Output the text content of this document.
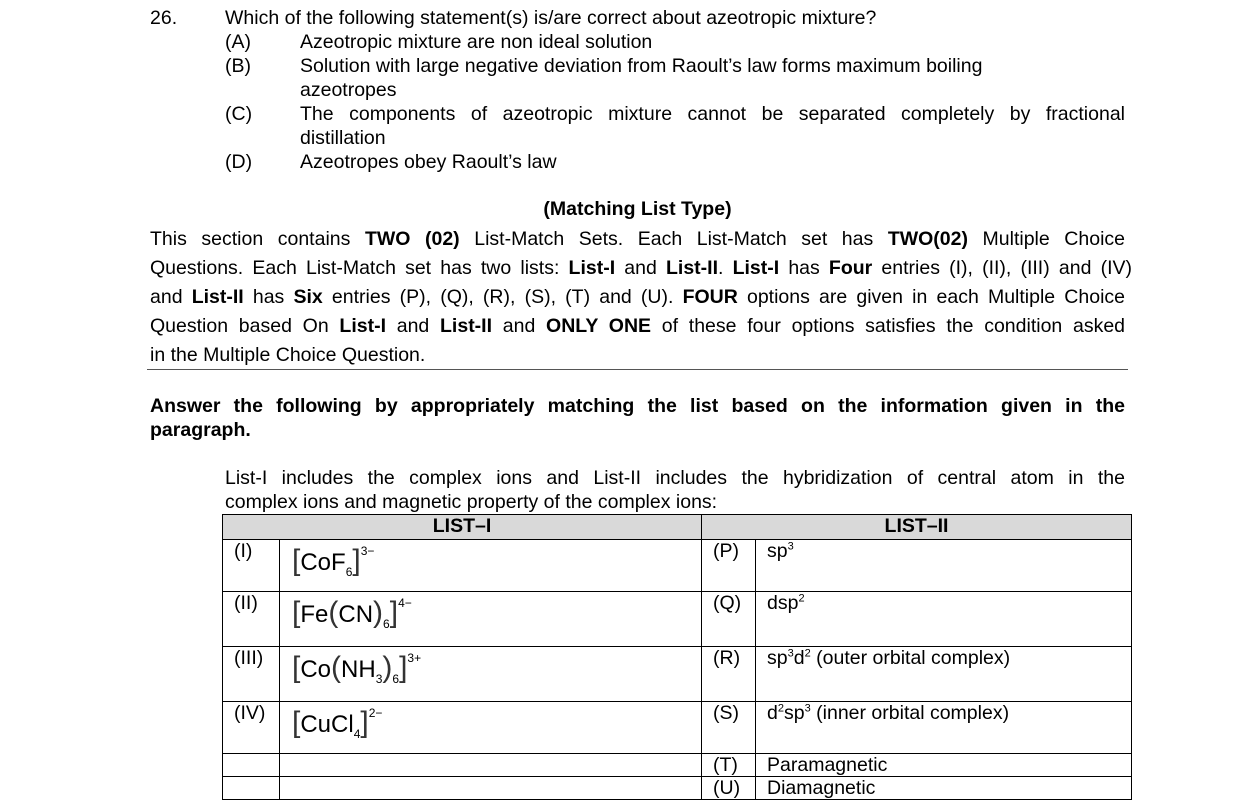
26. Which of the following statement(s) is/are correct about azeotropic mixture?
(A)	Azeotropic mixture are non ideal solution
(B)	Solution with large negative deviation from Raoult’s law forms maximum boiling
azeotropes
(C) The components of azeotropic mixture cannot be separated completely by fractional
distillation
(D) Azeotropes obey Raoult’s law
(Matching List Type)
This section contains TWO (02) List-Match Sets. Each List-Match set has TWO(02) Multiple Choice
Questions. Each List-Match set has two lists: List-I and List-II. List-I has Four entries (I), (II), (III) and (IV)
and List-II has Six entries (P), (Q), (R), (S), (T) and (U). FOUR options are given in each Multiple Choice
Question based On List-I and List-II and ONLY ONE of these four options satisfies the condition asked
in the Multiple Choice Question.
Answer the following by appropriately matching the list based on the information given in the
paragraph.
List-I includes the complex ions and List-II includes the hybridization of central atom in the
complex ions and magnetic property of the complex ions:
LIST–I		LIST–II	
(I)	$[CoF_6]^{3-}$	(P)	$sp^3$
(II)	$[Fe(CN)_6]^{4-}$	(Q)	dsp$^2$
(III)	$[Co(NH_3)_6]^{3+}$	(R)	$sp^3d^2$ (outer orbital complex)
(IV)	[CuCl$_4$]$^{2-}$	(S)	$d^2sp^3$ (inner orbital complex)
		(T)	Paramagnetic
		(U)	Diamagnetic
